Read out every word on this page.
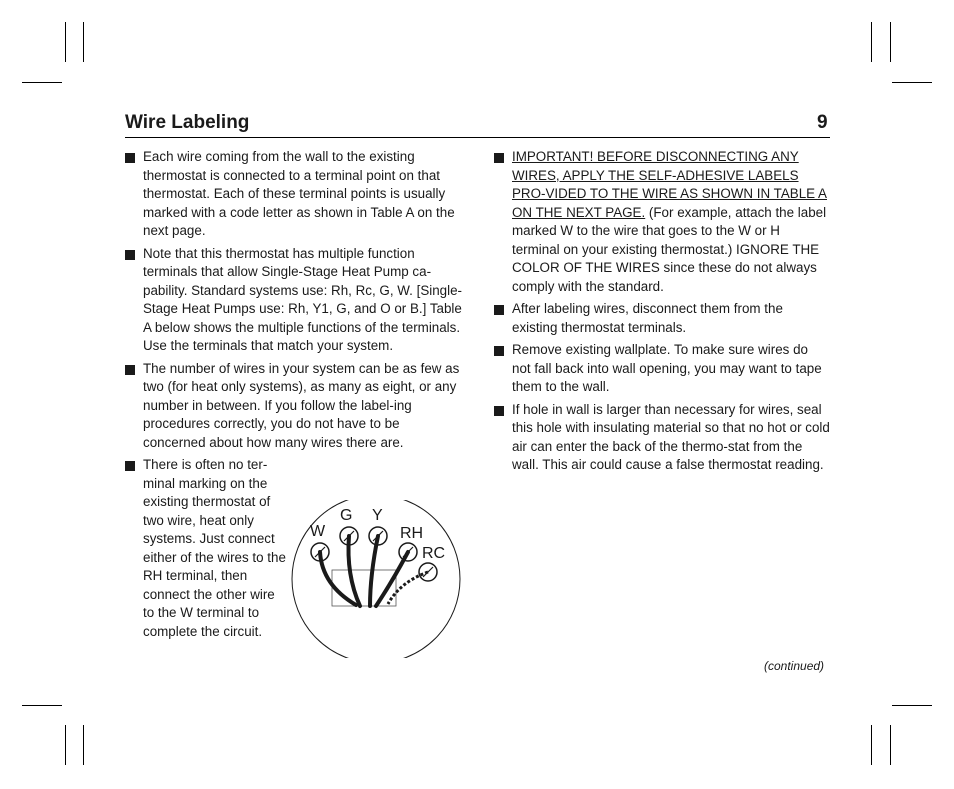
Wire Labeling	9
Each wire coming from the wall to the existing thermostat is connected to a terminal point on that thermostat. Each of these terminal points is usually marked with a code letter as shown in Table A on the next page.
Note that this thermostat has multiple function terminals that allow Single-Stage Heat Pump ca-pability. Standard systems use: Rh, Rc, G, W. [Single-Stage Heat Pumps use: Rh, Y1, G, and O or B.] Table A below shows the multiple functions of the terminals. Use the terminals that match your system.
The number of wires in your system can be as few as two (for heat only systems), as many as eight, or any number in between. If you follow the label-ing procedures correctly, you do not have to be concerned about how many wires there are.
There is often no ter-minal marking on the existing thermostat of two wire, heat only systems. Just connect either of the wires to the RH terminal, then connect the other wire to the W terminal to complete the circuit.
W
G Y
RH
RC
IMPORTANT! BEFORE DISCONNECTING ANY WIRES, APPLY THE SELF-ADHESIVE LABELS PRO-VIDED TO THE WIRE AS SHOWN IN TABLE A ON THE NEXT PAGE. (For example, attach the label marked W to the wire that goes to the W or H terminal on your existing thermostat.) IGNORE THE COLOR OF THE WIRES since these do not always comply with the standard.
After labeling wires, disconnect them from the existing thermostat terminals.
Remove existing wallplate. To make sure wires do not fall back into wall opening, you may want to tape them to the wall.
If hole in wall is larger than necessary for wires, seal this hole with insulating material so that no hot or cold air can enter the back of the thermo-stat from the wall. This air could cause a false thermostat reading.
(continued)
